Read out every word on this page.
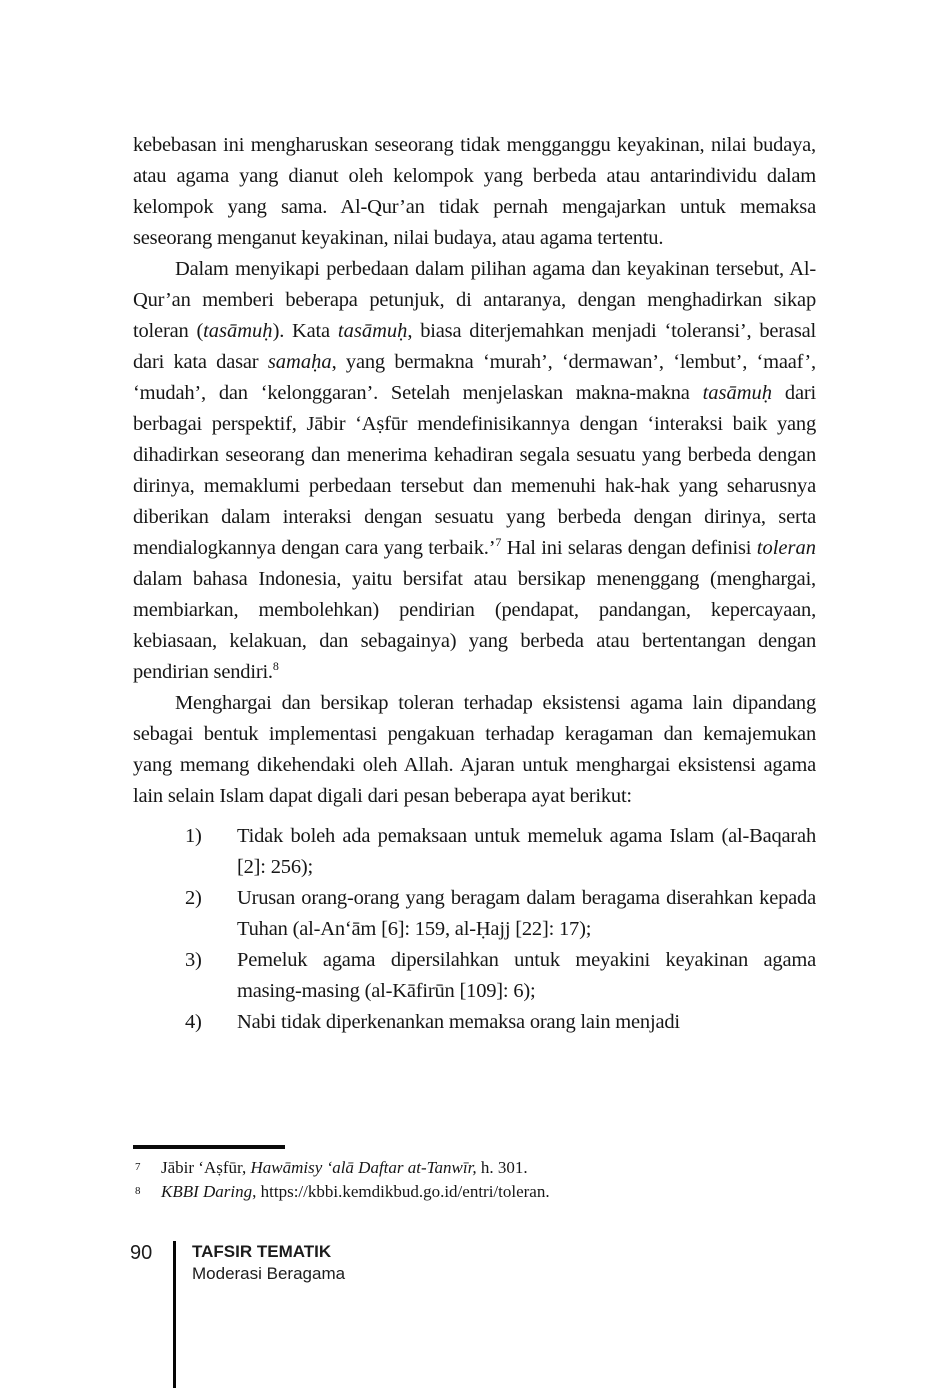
kebebasan ini mengharuskan seseorang tidak mengganggu keyakinan, nilai budaya, atau agama yang dianut oleh kelompok yang berbeda atau antarindividu dalam kelompok yang sama. Al-Qur’an tidak pernah mengajarkan untuk memaksa seseorang menganut keyakinan, nilai budaya, atau agama tertentu.

Dalam menyikapi perbedaan dalam pilihan agama dan keyakinan tersebut, Al-Qur’an memberi beberapa petunjuk, di antaranya, dengan menghadirkan sikap toleran (tasāmuḥ). Kata tasāmuḥ, biasa diterjemahkan menjadi ‘toleransi’, berasal dari kata dasar samaḥa, yang bermakna ‘murah’, ‘dermawan’, ‘lembut’, ‘maaf’, ‘mudah’, dan ‘kelonggaran’. Setelah menjelaskan makna-makna tasāmuḥ dari berbagai perspektif, Jābir ‘Aṣfūr mendefinisikannya dengan ‘interaksi baik yang dihadirkan seseorang dan menerima kehadiran segala sesuatu yang berbeda dengan dirinya, memaklumi perbedaan tersebut dan memenuhi hak-hak yang seharusnya diberikan dalam interaksi dengan sesuatu yang berbeda dengan dirinya, serta mendialogkannya dengan cara yang terbaik.’$^7$ Hal ini selaras dengan definisi toleran dalam bahasa Indonesia, yaitu bersifat atau bersikap menenggang (menghargai, membiarkan, membolehkan) pendirian (pendapat, pandangan, kepercayaan, kebiasaan, kelakuan, dan sebagainya) yang berbeda atau bertentangan dengan pendirian sendiri.$^8$

Menghargai dan bersikap toleran terhadap eksistensi agama lain dipandang sebagai bentuk implementasi pengakuan terhadap keragaman dan kemajemukan yang memang dikehendaki oleh Allah. Ajaran untuk menghargai eksistensi agama lain selain Islam dapat digali dari pesan beberapa ayat berikut:

1) Tidak boleh ada pemaksaan untuk memeluk agama Islam (al-Baqarah [2]: 256);
2) Urusan orang-orang yang beragam dalam beragama diserahkan kepada Tuhan (al-An‘ām [6]: 159, al-Ḥajj [22]: 17);
3) Pemeluk agama dipersilahkan untuk meyakini keyakinan agama masing-masing (al-Kāfirūn [109]: 6);
4) Nabi tidak diperkenankan memaksa orang lain menjadi
7 Jābir ‘Aṣfūr, Hawāmisy ‘alā Daftar at-Tanwīr, h. 301.
8 KBBI Daring, https://kbbi.kemdikbud.go.id/entri/toleran.
90 TAFSIR TEMATIK
Moderasi Beragama
